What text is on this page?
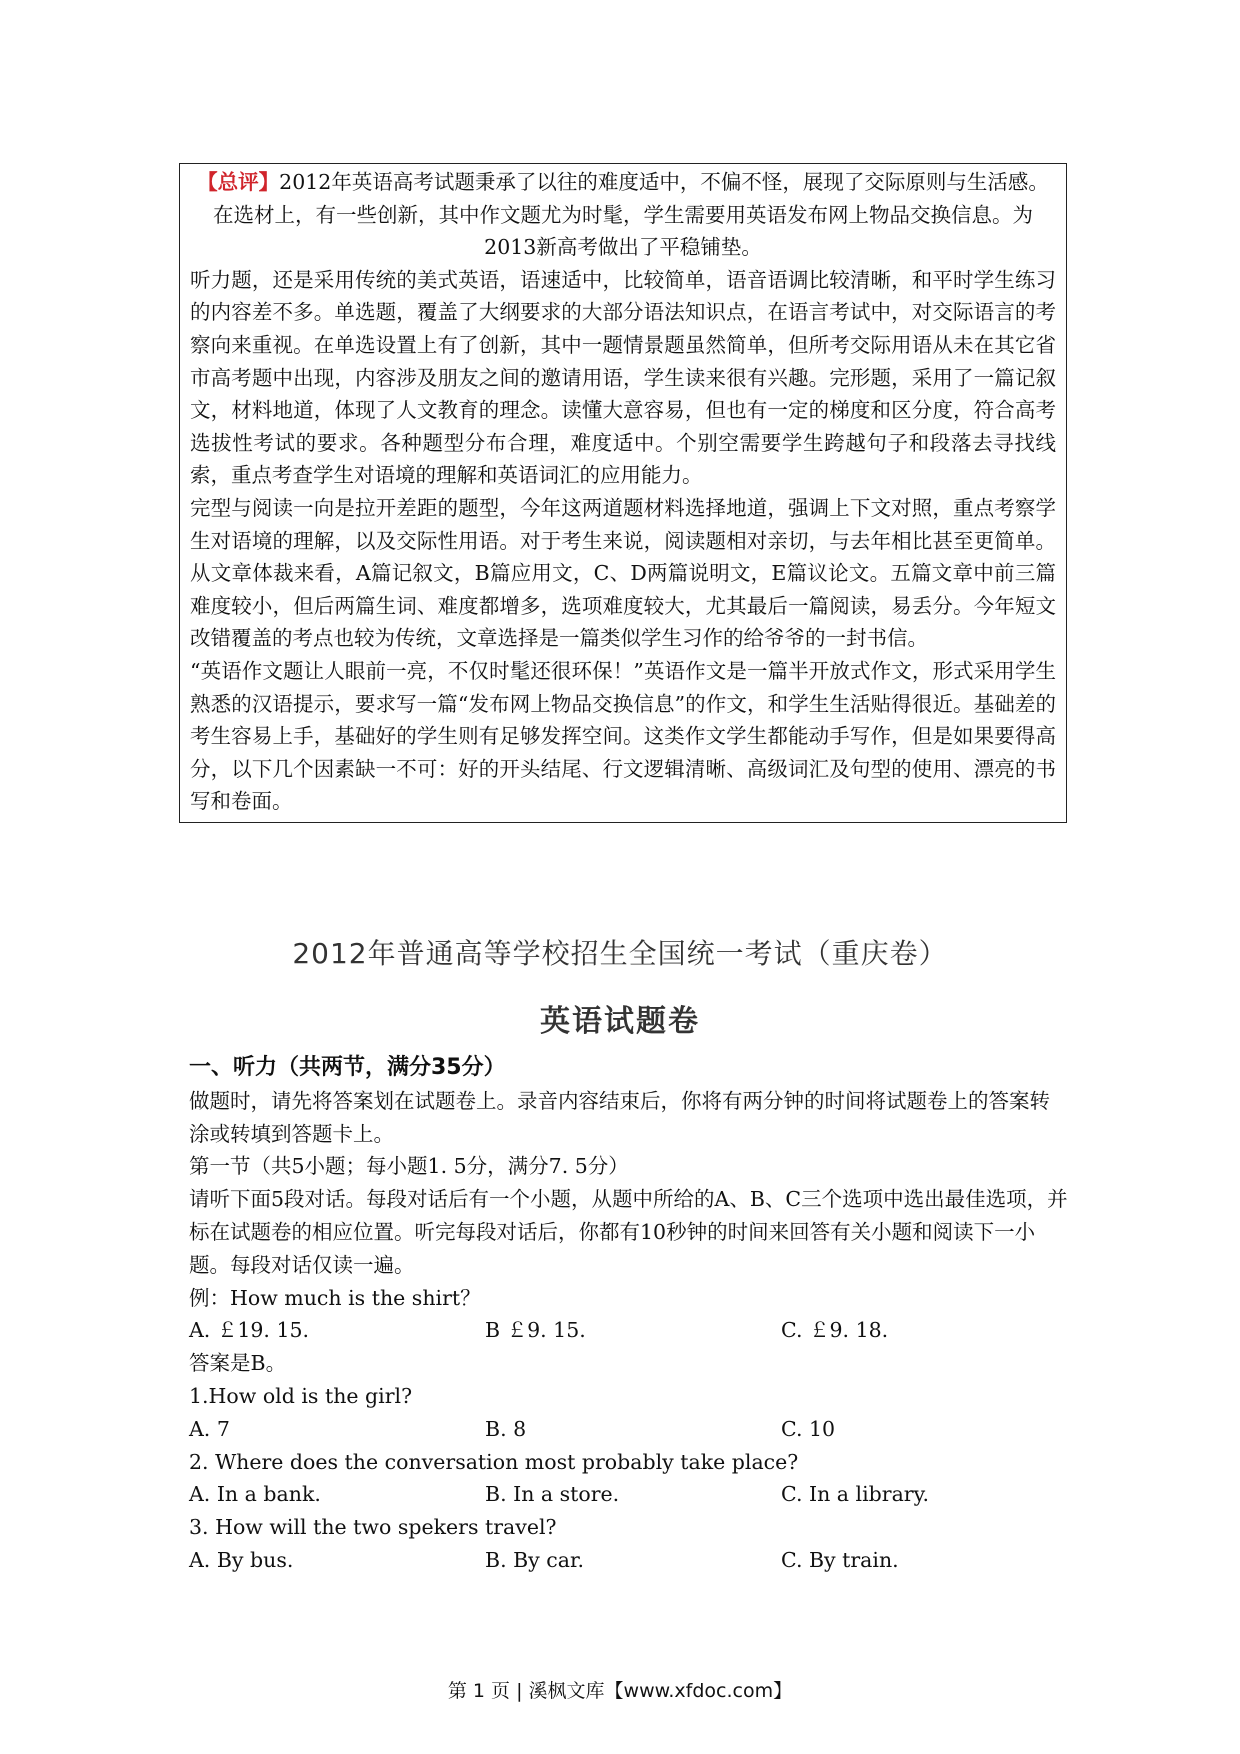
【总评】2012年英语高考试题秉承了以往的难度适中，不偏不怪，展现了交际原则与生活感。在选材上，有一些创新，其中作文题尤为时髦，学生需要用英语发布网上物品交换信息。为2013新高考做出了平稳铺垫。

听力题，还是采用传统的美式英语，语速适中，比较简单，语音语调比较清晰，和平时学生练习的内容差不多。单选题，覆盖了大纲要求的大部分语法知识点，在语言考试中，对交际语言的考察向来重视。在单选设置上有了创新，其中一题情景题虽然简单，但所考交际用语从未在其它省市高考题中出现，内容涉及朋友之间的邀请用语，学生读来很有兴趣。完形题，采用了一篇记叙文，材料地道，体现了人文教育的理念。读懂大意容易，但也有一定的梯度和区分度，符合高考选拔性考试的要求。各种题型分布合理，难度适中。个别空需要学生跨越句子和段落去寻找线索，重点考查学生对语境的理解和英语词汇的应用能力。

完型与阅读一向是拉开差距的题型，今年这两道题材料选择地道，强调上下文对照，重点考察学生对语境的理解，以及交际性用语。对于考生来说，阅读题相对亲切，与去年相比甚至更简单。从文章体裁来看，A篇记叙文，B篇应用文，C、D两篇说明文，E篇议论文。五篇文章中前三篇难度较小，但后两篇生词、难度都增多，选项难度较大，尤其最后一篇阅读，易丢分。今年短文改错覆盖的考点也较为传统，文章选择是一篇类似学生习作的给爷爷的一封书信。

“英语作文题让人眼前一亮，不仅时髦还很环保！”英语作文是一篇半开放式作文，形式采用学生熟悉的汉语提示，要求写一篇“发布网上物品交换信息”的作文，和学生生活贴得很近。基础差的考生容易上手，基础好的学生则有足够发挥空间。这类作文学生都能动手写作，但是如果要得高分，以下几个因素缺一不可：好的开头结尾、行文逻辑清晰、高级词汇及句型的使用、漂亮的书写和卷面。

2012年普通高等学校招生全国统一考试（重庆卷）
英语试题卷

一、听力（共两节，满分35分）

做题时，请先将答案划在试题卷上。录音内容结束后，你将有两分钟的时间将试题卷上的答案转涂或转填到答题卡上。

第一节（共5小题；每小题1. 5分，满分7. 5分）

请听下面5段对话。每段对话后有一个小题，从题中所给的A、B、C三个选项中选出最佳选项，并标在试题卷的相应位置。听完每段对话后，你都有10秒钟的时间来回答有关小题和阅读下一小题。每段对话仅读一遍。

例：How much is the shirt？

A. ￡19. 15.	B ￡9. 15.	C. ￡9. 18.

答案是B。

1.How old is the girl?

A. 7	B. 8	C. 10

2. Where does the conversation most probably take place?

A. In a bank.	B. In a store.	C. In a library.

3. How will the two spekers travel?

A. By bus.	B. By car.	C. By train.
第 1 页 | 溪枫文库【www.xfdoc.com】
